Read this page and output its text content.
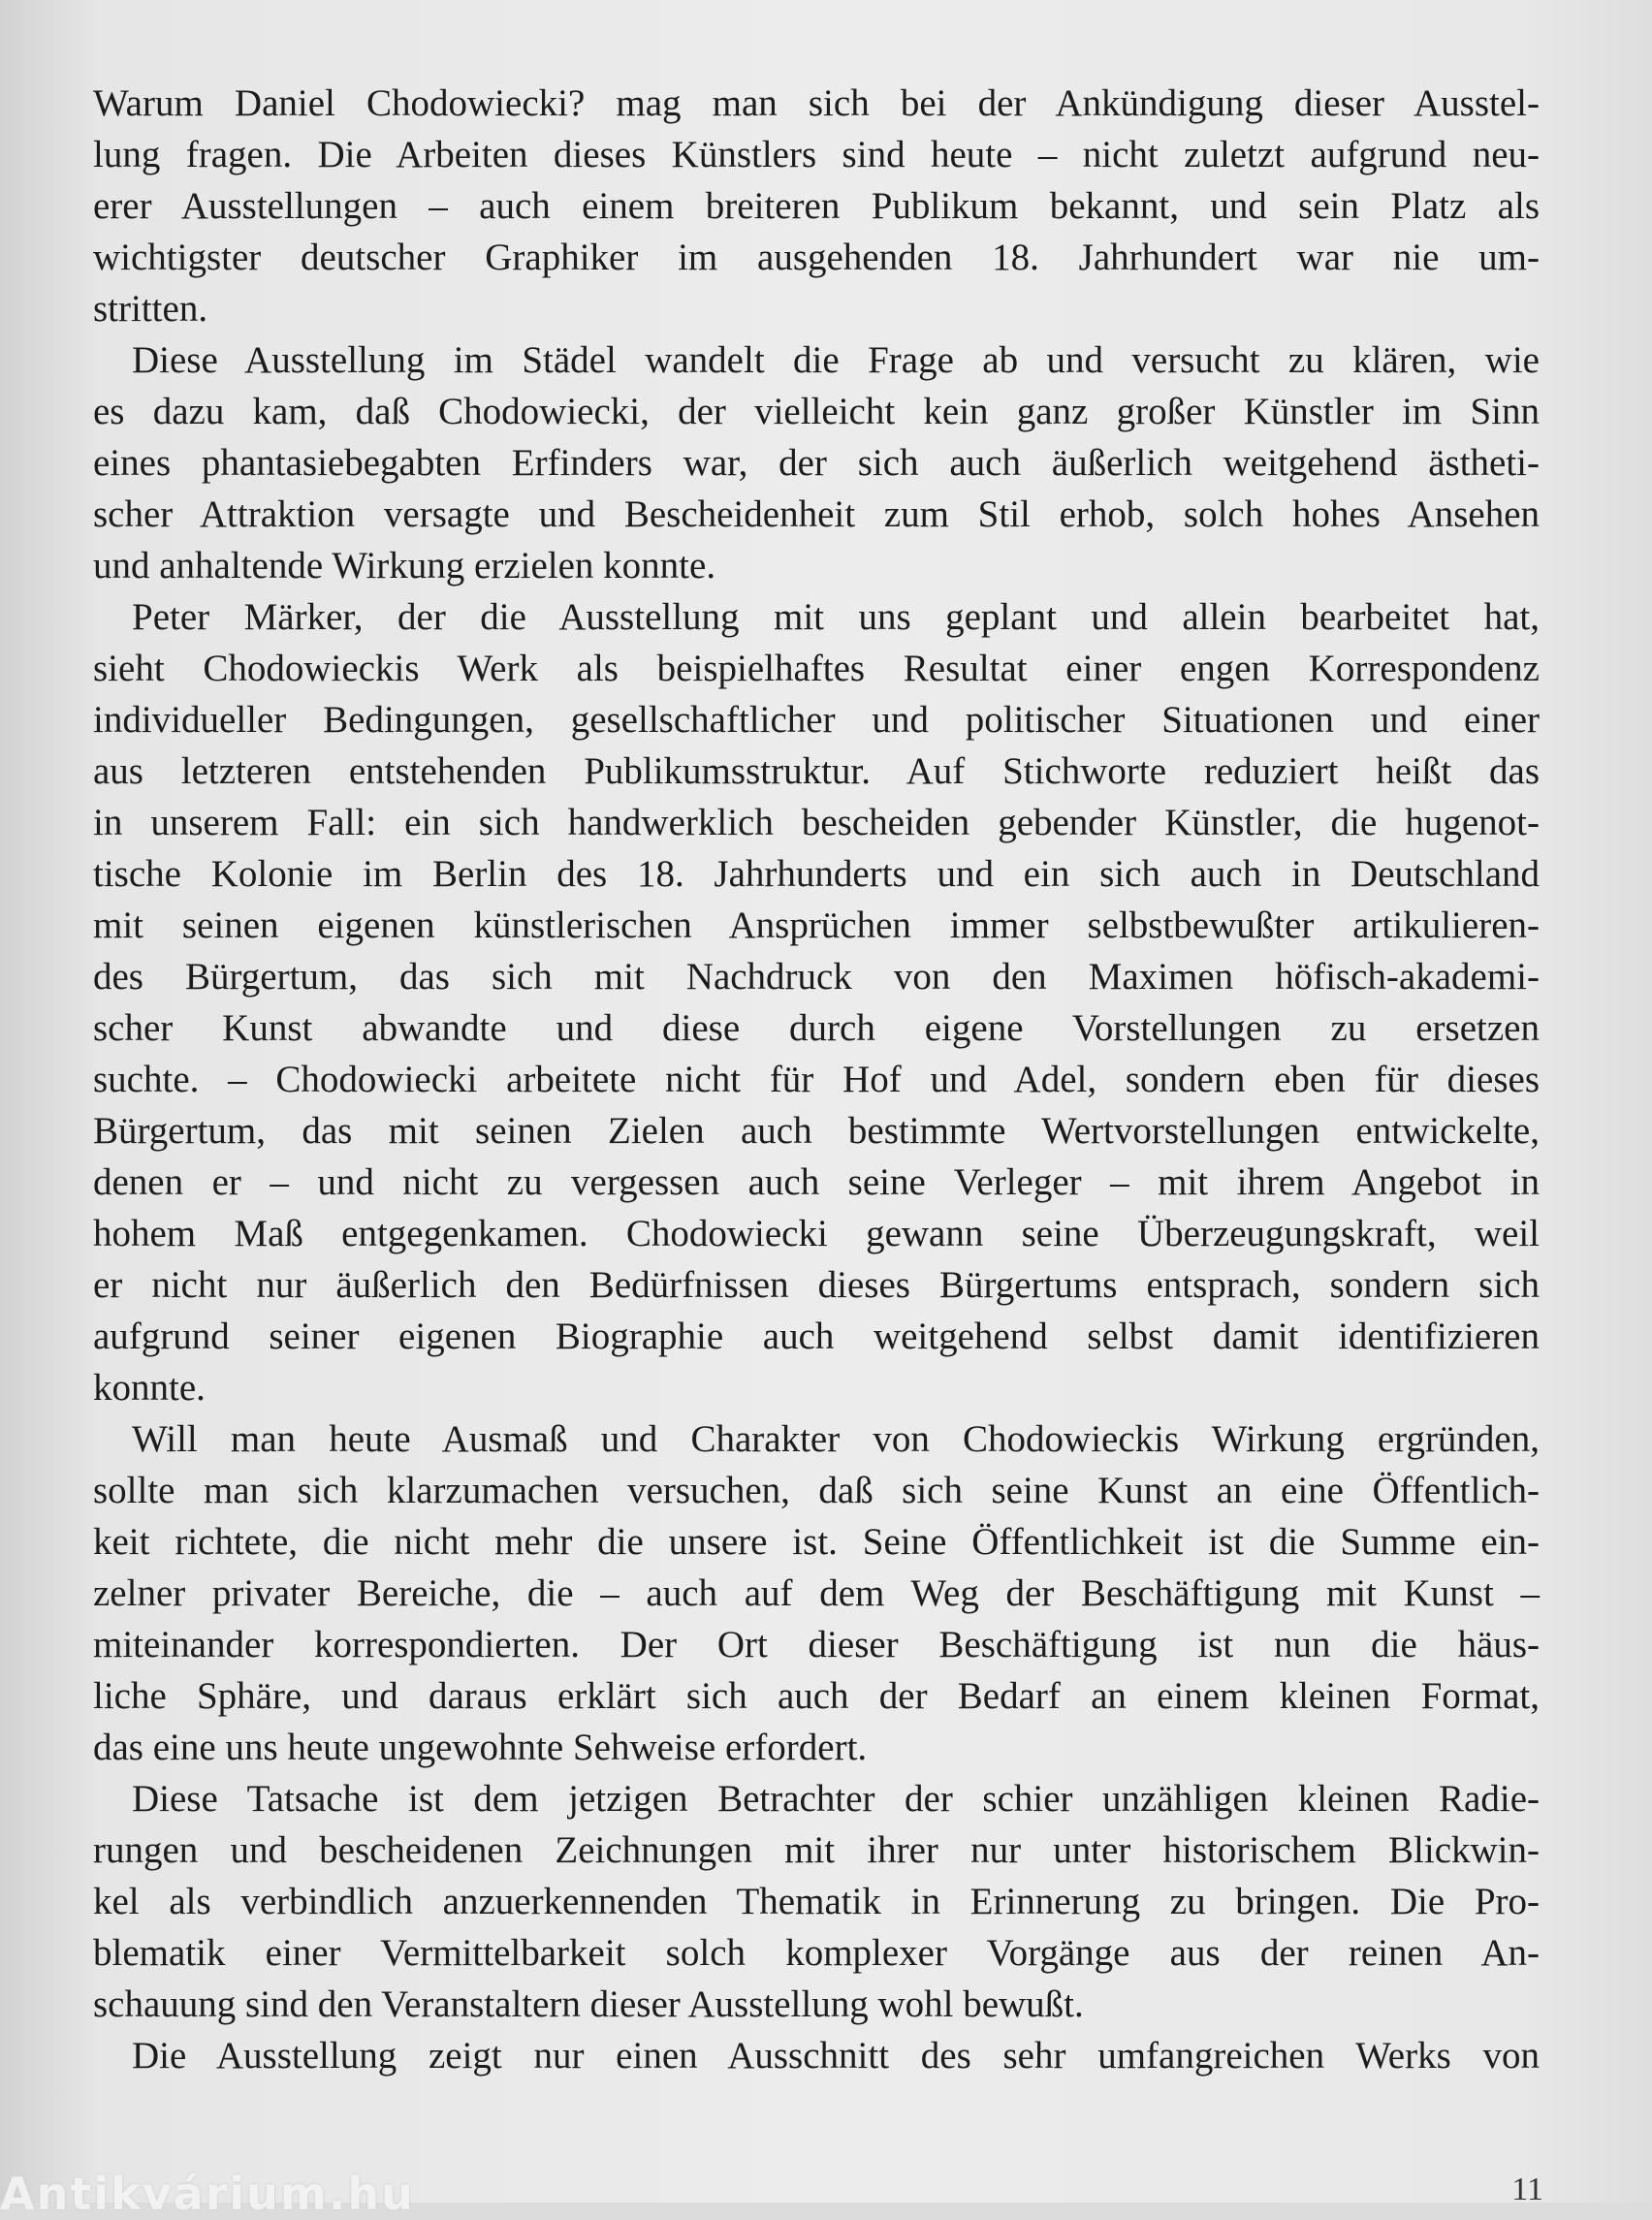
Warum Daniel Chodowiecki? mag man sich bei der Ankündigung dieser Ausstel-
lung fragen. Die Arbeiten dieses Künstlers sind heute – nicht zuletzt aufgrund neu-
erer Ausstellungen – auch einem breiteren Publikum bekannt, und sein Platz als
wichtigster deutscher Graphiker im ausgehenden 18. Jahrhundert war nie um-
stritten.
Diese Ausstellung im Städel wandelt die Frage ab und versucht zu klären, wie
es dazu kam, daß Chodowiecki, der vielleicht kein ganz großer Künstler im Sinn
eines phantasiebegabten Erfinders war, der sich auch äußerlich weitgehend ästheti-
scher Attraktion versagte und Bescheidenheit zum Stil erhob, solch hohes Ansehen
und anhaltende Wirkung erzielen konnte.
Peter Märker, der die Ausstellung mit uns geplant und allein bearbeitet hat,
sieht Chodowieckis Werk als beispielhaftes Resultat einer engen Korrespondenz
individueller Bedingungen, gesellschaftlicher und politischer Situationen und einer
aus letzteren entstehenden Publikumsstruktur. Auf Stichworte reduziert heißt das
in unserem Fall: ein sich handwerklich bescheiden gebender Künstler, die hugenot-
tische Kolonie im Berlin des 18. Jahrhunderts und ein sich auch in Deutschland
mit seinen eigenen künstlerischen Ansprüchen immer selbstbewußter artikulieren-
des Bürgertum, das sich mit Nachdruck von den Maximen höfisch-akademi-
scher Kunst abwandte und diese durch eigene Vorstellungen zu ersetzen
suchte. – Chodowiecki arbeitete nicht für Hof und Adel, sondern eben für dieses
Bürgertum, das mit seinen Zielen auch bestimmte Wertvorstellungen entwickelte,
denen er – und nicht zu vergessen auch seine Verleger – mit ihrem Angebot in
hohem Maß entgegenkamen. Chodowiecki gewann seine Überzeugungskraft, weil
er nicht nur äußerlich den Bedürfnissen dieses Bürgertums entsprach, sondern sich
aufgrund seiner eigenen Biographie auch weitgehend selbst damit identifizieren
konnte.
Will man heute Ausmaß und Charakter von Chodowieckis Wirkung ergründen,
sollte man sich klarzumachen versuchen, daß sich seine Kunst an eine Öffentlich-
keit richtete, die nicht mehr die unsere ist. Seine Öffentlichkeit ist die Summe ein-
zelner privater Bereiche, die – auch auf dem Weg der Beschäftigung mit Kunst –
miteinander korrespondierten. Der Ort dieser Beschäftigung ist nun die häus-
liche Sphäre, und daraus erklärt sich auch der Bedarf an einem kleinen Format,
das eine uns heute ungewohnte Sehweise erfordert.
Diese Tatsache ist dem jetzigen Betrachter der schier unzähligen kleinen Radie-
rungen und bescheidenen Zeichnungen mit ihrer nur unter historischem Blickwin-
kel als verbindlich anzuerkennenden Thematik in Erinnerung zu bringen. Die Pro-
blematik einer Vermittelbarkeit solch komplexer Vorgänge aus der reinen An-
schauung sind den Veranstaltern dieser Ausstellung wohl bewußt.
Die Ausstellung zeigt nur einen Ausschnitt des sehr umfangreichen Werks von
Antikvárium.hu	11
